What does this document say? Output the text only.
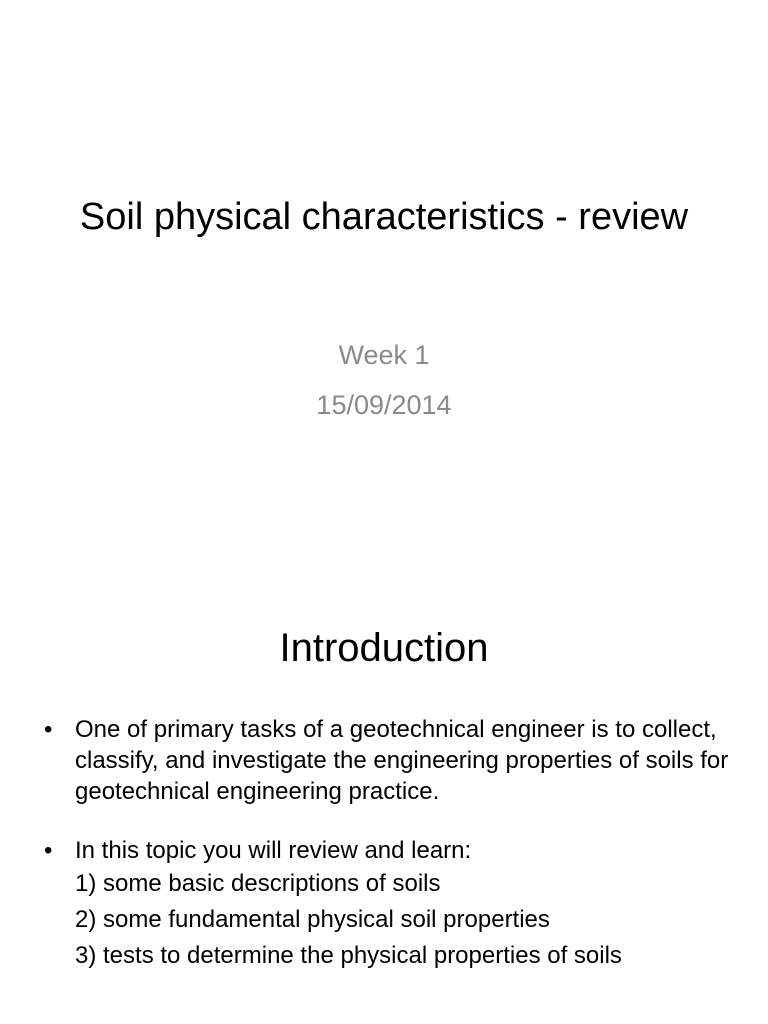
Soil physical characteristics - review
Week 1
15/09/2014
Introduction
• One of primary tasks of a geotechnical engineer is to collect, classify, and investigate the engineering properties of soils for geotechnical engineering practice.
• In this topic you will review and learn:
1) some basic descriptions of soils
2) some fundamental physical soil properties
3) tests to determine the physical properties of soils
